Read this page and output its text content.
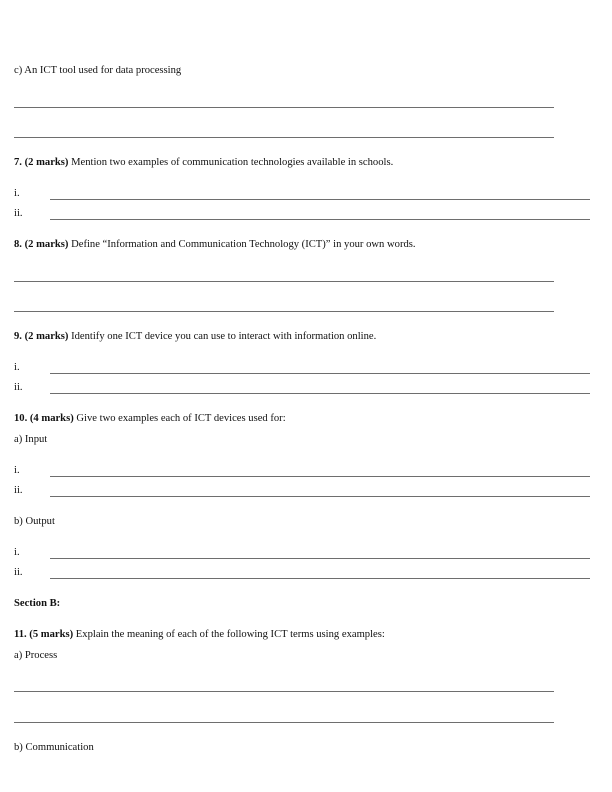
c) An ICT tool used for data processing
7. (2 marks) Mention two examples of communication technologies available in schools.
i.
ii.
8. (2 marks) Define “Information and Communication Technology (ICT)” in your own words.
9. (2 marks) Identify one ICT device you can use to interact with information online.
i.
ii.
10. (4 marks) Give two examples each of ICT devices used for:
a) Input
i.
ii.
b) Output
i.
ii.
Section B:
11. (5 marks) Explain the meaning of each of the following ICT terms using examples:
a) Process
b) Communication
